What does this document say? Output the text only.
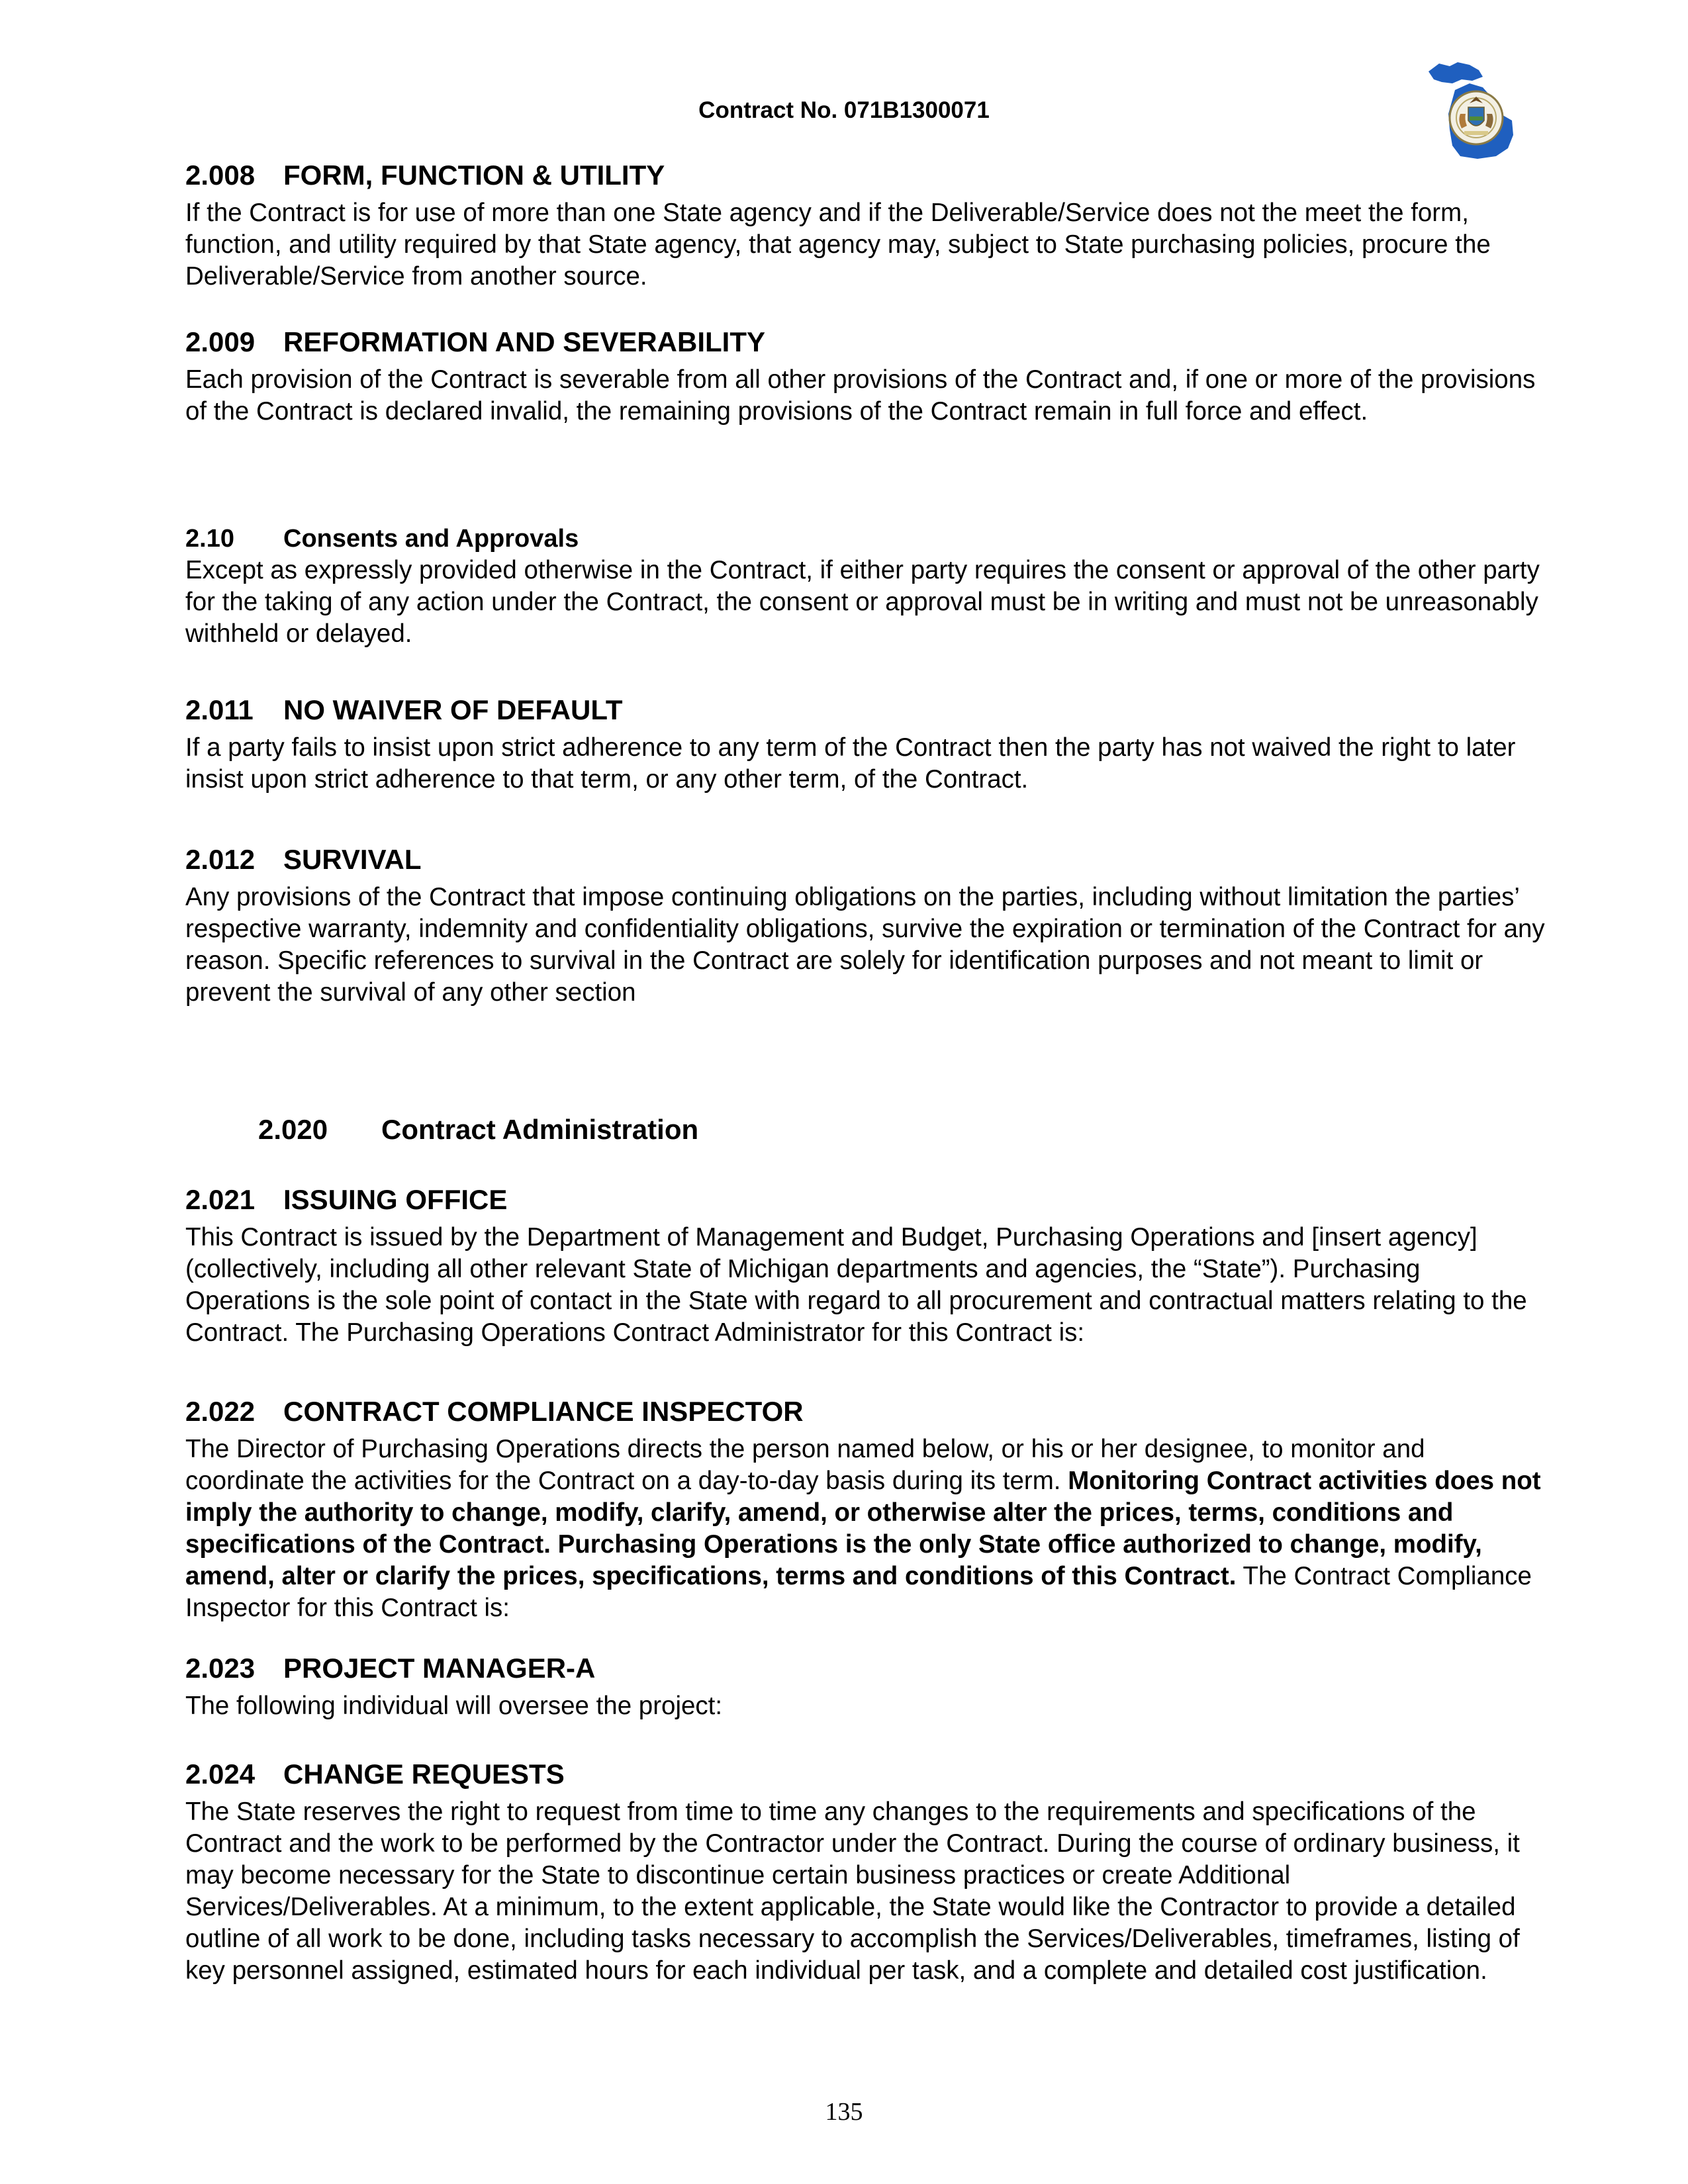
Contract No. 071B1300071
2.008 FORM, FUNCTION & UTILITY

If the Contract is for use of more than one State agency and if the Deliverable/Service does not the meet the form, function, and utility required by that State agency, that agency may, subject to State purchasing policies, procure the Deliverable/Service from another source.

2.009 REFORMATION AND SEVERABILITY

Each provision of the Contract is severable from all other provisions of the Contract and, if one or more of the provisions of the Contract is declared invalid, the remaining provisions of the Contract remain in full force and effect.

2.10 Consents and Approvals

Except as expressly provided otherwise in the Contract, if either party requires the consent or approval of the other party for the taking of any action under the Contract, the consent or approval must be in writing and must not be unreasonably withheld or delayed.

2.011 NO WAIVER OF DEFAULT

If a party fails to insist upon strict adherence to any term of the Contract then the party has not waived the right to later insist upon strict adherence to that term, or any other term, of the Contract.

2.012 SURVIVAL

Any provisions of the Contract that impose continuing obligations on the parties, including without limitation the parties’ respective warranty, indemnity and confidentiality obligations, survive the expiration or termination of the Contract for any reason. Specific references to survival in the Contract are solely for identification purposes and not meant to limit or prevent the survival of any other section

2.020 Contract Administration
2.021 ISSUING OFFICE

This Contract is issued by the Department of Management and Budget, Purchasing Operations and [insert agency] (collectively, including all other relevant State of Michigan departments and agencies, the “State”). Purchasing Operations is the sole point of contact in the State with regard to all procurement and contractual matters relating to the Contract. The Purchasing Operations Contract Administrator for this Contract is:

2.022 CONTRACT COMPLIANCE INSPECTOR

The Director of Purchasing Operations directs the person named below, or his or her designee, to monitor and coordinate the activities for the Contract on a day-to-day basis during its term. Monitoring Contract activities does not imply the authority to change, modify, clarify, amend, or otherwise alter the prices, terms, conditions and specifications of the Contract. Purchasing Operations is the only State office authorized to change, modify, amend, alter or clarify the prices, specifications, terms and conditions of this Contract. The Contract Compliance Inspector for this Contract is:

2.023 PROJECT MANAGER-A

The following individual will oversee the project:

2.024 CHANGE REQUESTS

The State reserves the right to request from time to time any changes to the requirements and specifications of the Contract and the work to be performed by the Contractor under the Contract. During the course of ordinary business, it may become necessary for the State to discontinue certain business practices or create Additional Services/Deliverables. At a minimum, to the extent applicable, the State would like the Contractor to provide a detailed outline of all work to be done, including tasks necessary to accomplish the Services/Deliverables, timeframes, listing of key personnel assigned, estimated hours for each individual per task, and a complete and detailed cost justification.

135
